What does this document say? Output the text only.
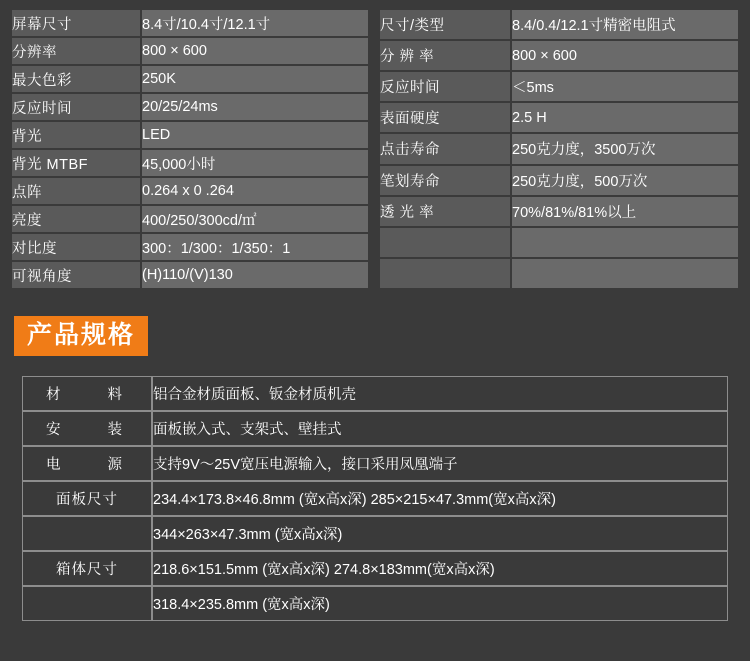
屏幕尺寸	8.4寸/10.4寸/12.1寸
分辨率	800 × 600
最大色彩	250K
反应时间	20/25/24ms
背光	LED
背光 MTBF	45,000小时
点阵	0.264 x 0 .264
亮度	400/250/300cd/㎡
对比度	300：1/300：1/350：1
可视角度	(H)110/(V)130
尺寸/类型	8.4/0.4/12.1寸精密电阻式
分 辨 率	800 × 600
反应时间	＜5ms
表面硬度	2.5 H
点击寿命	250克力度，3500万次
笔划寿命	250克力度，500万次
透 光 率	70%/81%/81%以上

产品规格
材　　料	铝合金材质面板、钣金材质机壳
安　　装	面板嵌入式、支架式、壁挂式
电　　源	支持9V～25V宽压电源输入，接口采用凤凰端子
面板尺寸	234.4×173.8×46.8mm (宽x高x深) 285×215×47.3mm(宽x高x深)
	344×263×47.3mm (宽x高x深)
箱体尺寸	218.6×151.5mm (宽x高x深) 274.8×183mm(宽x高x深)
	318.4×235.8mm (宽x高x深)
